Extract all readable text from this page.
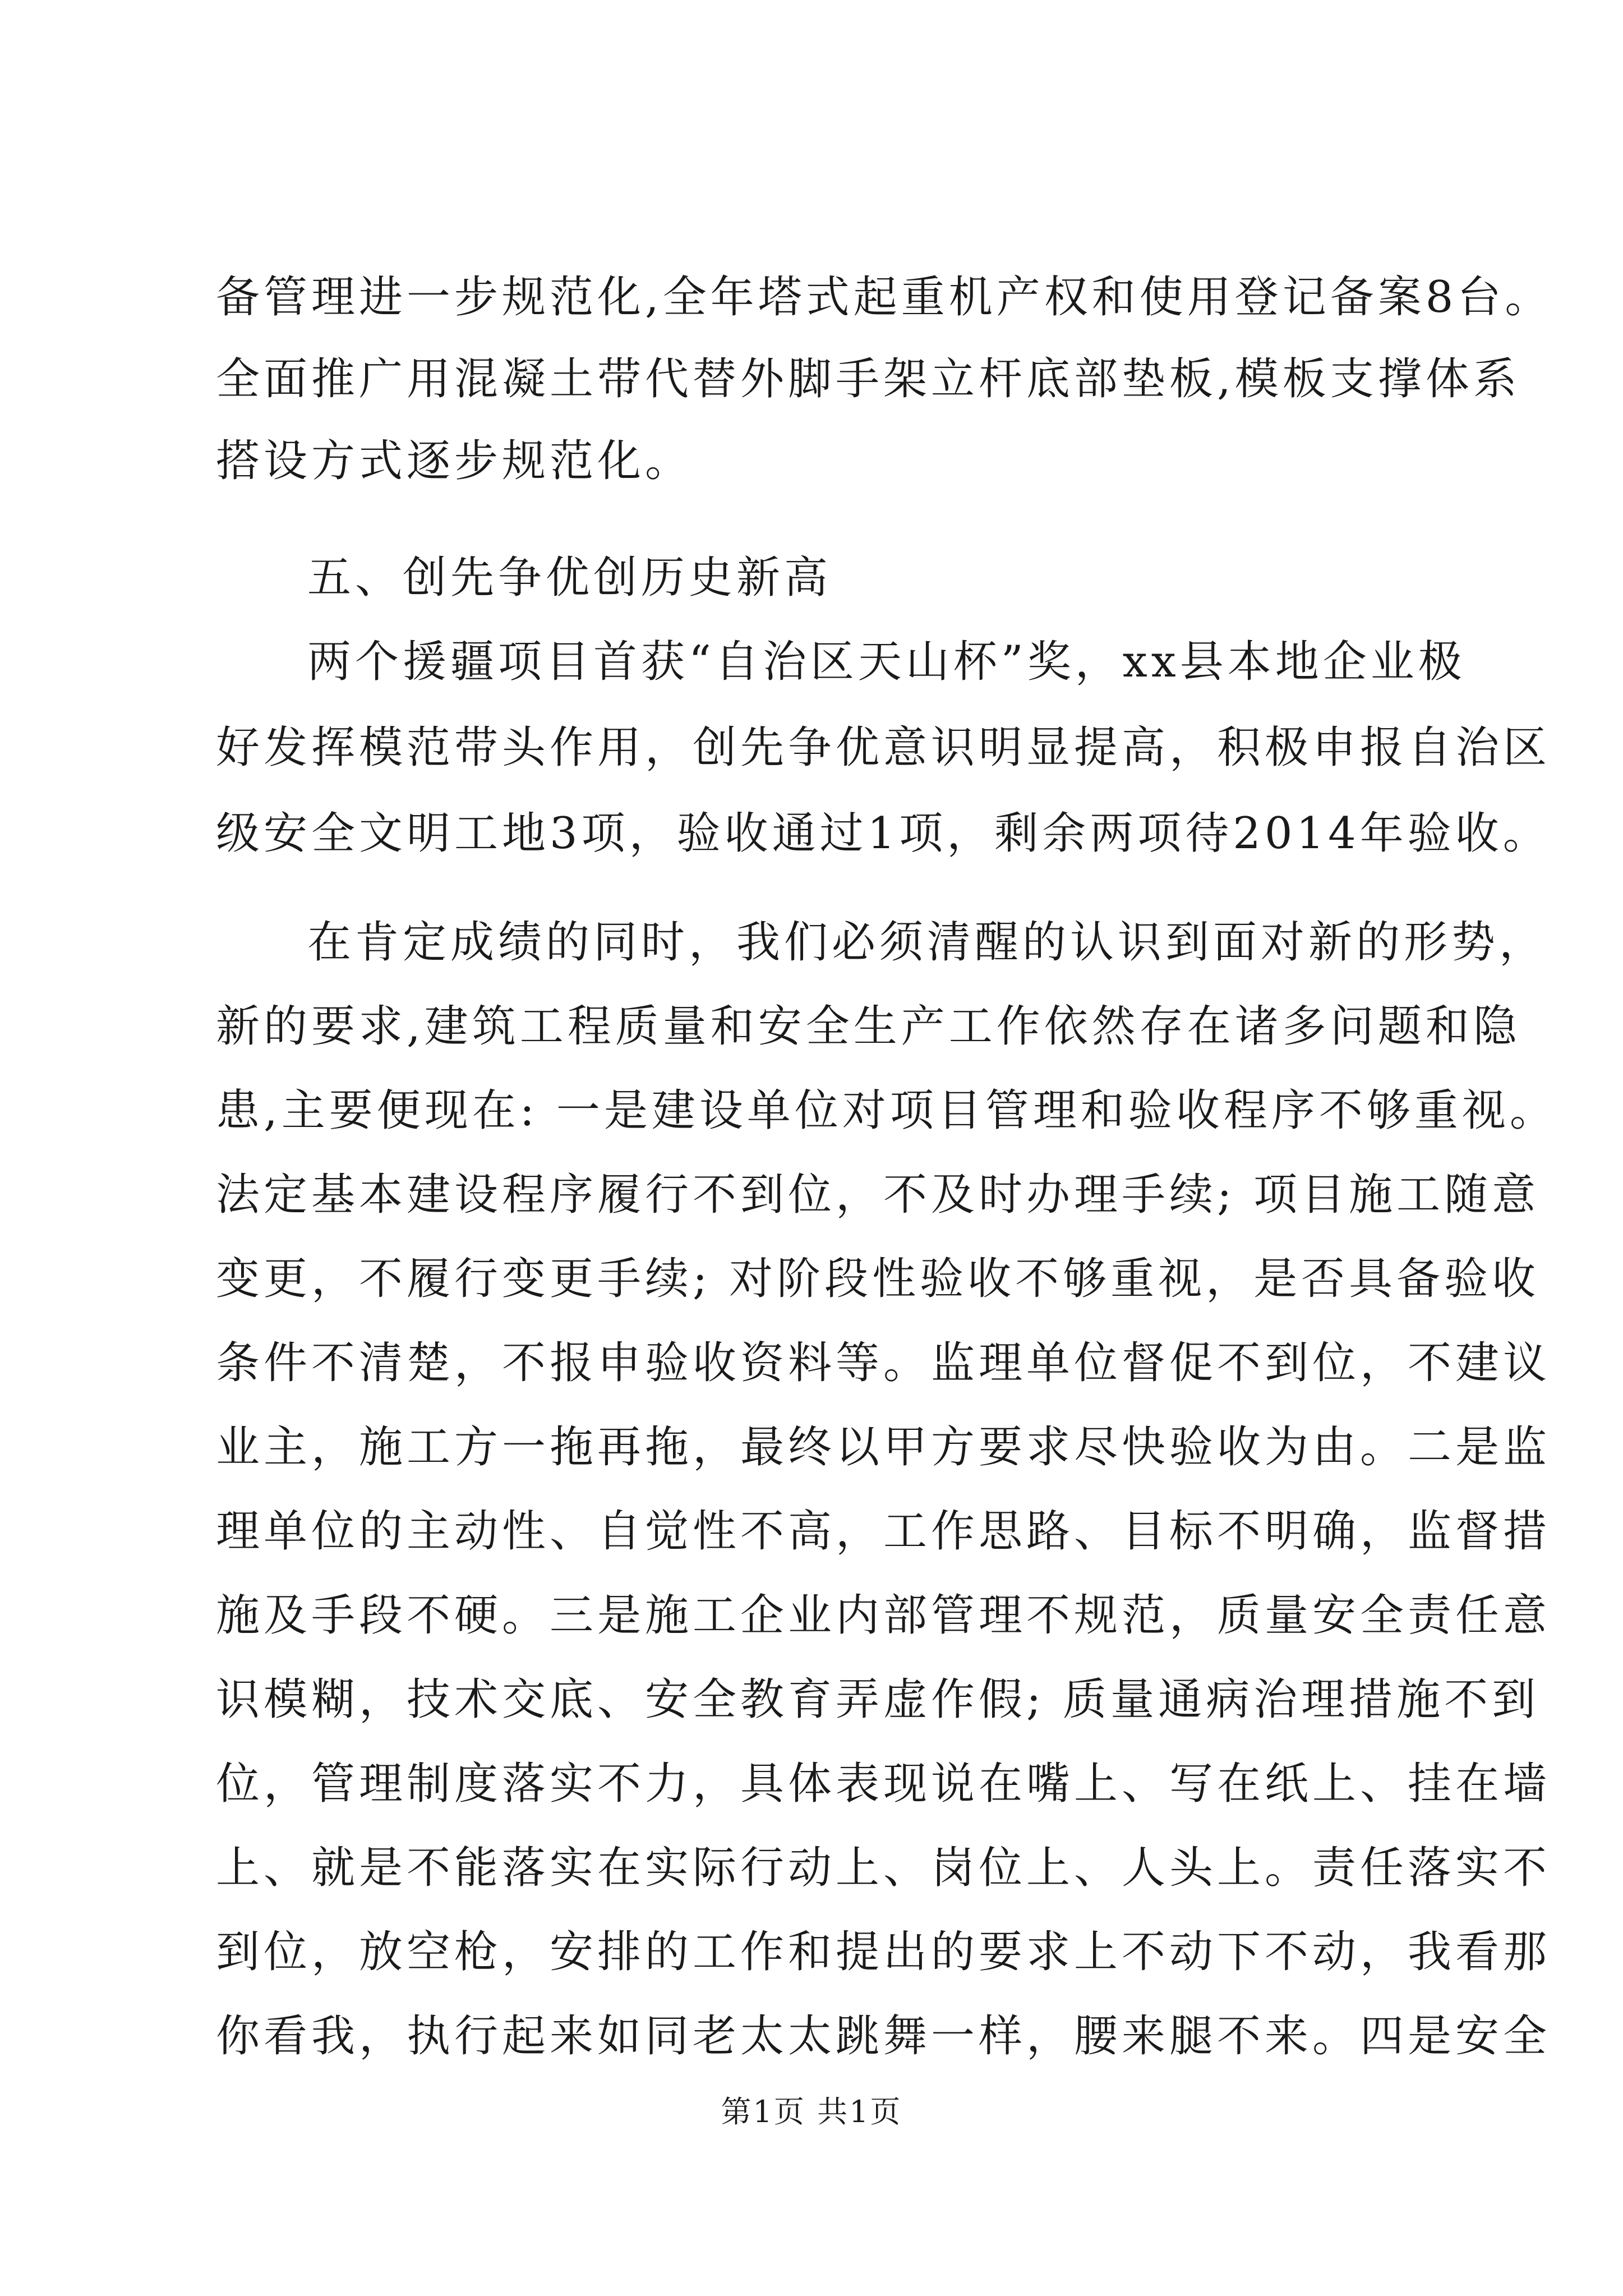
备管理进一步规范化,全年塔式起重机产权和使用登记备案8台。
全面推广用混凝土带代替外脚手架立杆底部垫板,模板支撑体系
搭设方式逐步规范化。
五、创先争优创历史新高
两个援疆项目首获“自治区天山杯”奖，xx县本地企业极
好发挥模范带头作用，创先争优意识明显提高，积极申报自治区
级安全文明工地3项，验收通过1项，剩余两项待2014年验收。
在肯定成绩的同时，我们必须清醒的认识到面对新的形势，
新的要求,建筑工程质量和安全生产工作依然存在诸多问题和隐
患,主要便现在: 一是建设单位对项目管理和验收程序不够重视。
法定基本建设程序履行不到位，不及时办理手续; 项目施工随意
变更，不履行变更手续; 对阶段性验收不够重视，是否具备验收
条件不清楚，不报申验收资料等。监理单位督促不到位，不建议
业主，施工方一拖再拖，最终以甲方要求尽快验收为由。二是监
理单位的主动性、自觉性不高，工作思路、目标不明确，监督措
施及手段不硬。三是施工企业内部管理不规范，质量安全责任意
识模糊，技术交底、安全教育弄虚作假; 质量通病治理措施不到
位，管理制度落实不力，具体表现说在嘴上、写在纸上、挂在墙
上、就是不能落实在实际行动上、岗位上、人头上。责任落实不
到位，放空枪，安排的工作和提出的要求上不动下不动，我看那
你看我，执行起来如同老太太跳舞一样，腰来腿不来。四是安全
第1页 共1页
